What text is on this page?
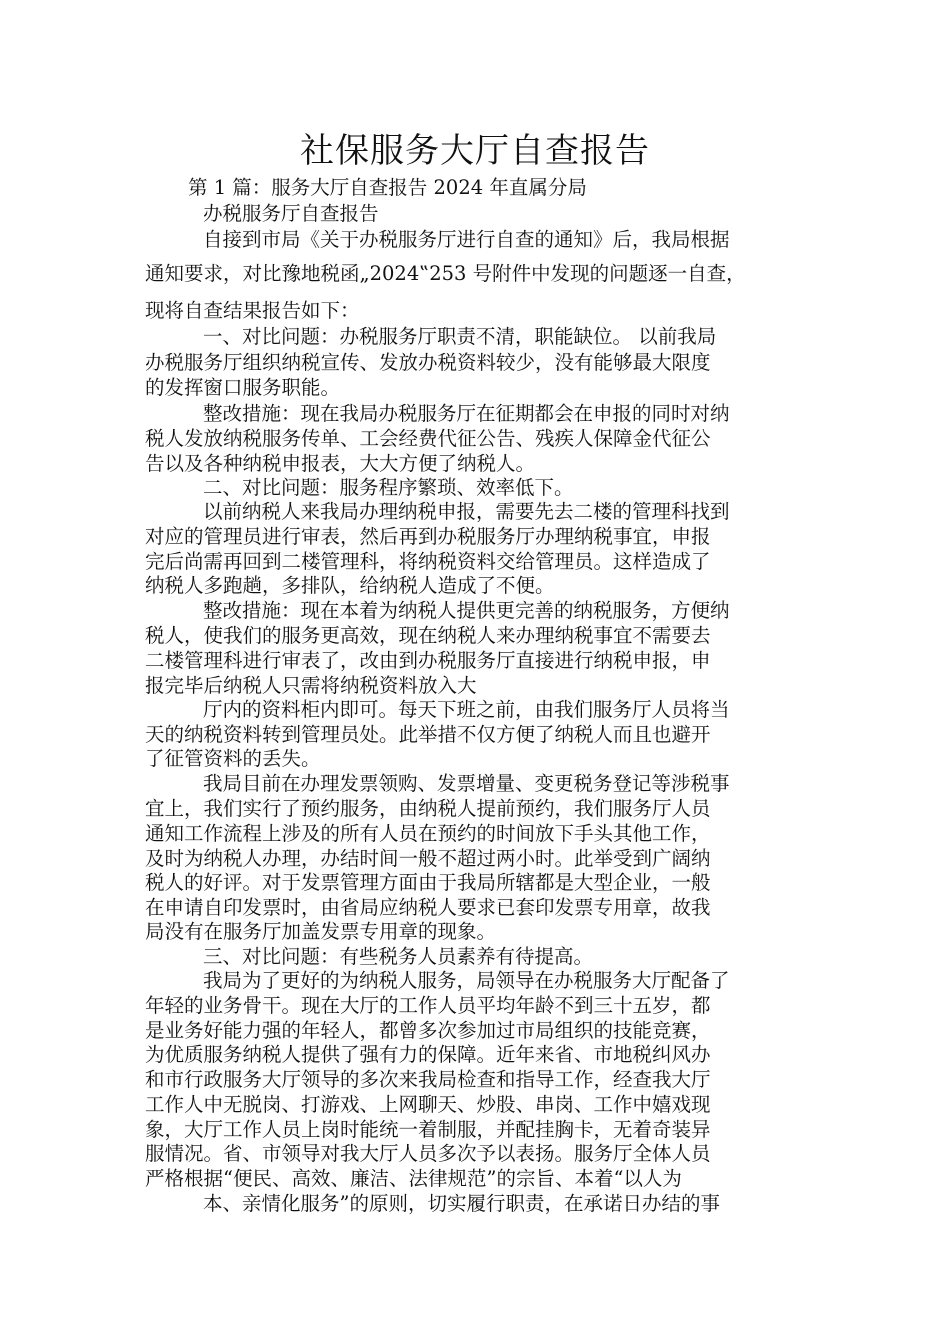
社保服务大厅自查报告
第 1 篇：服务大厅自查报告 2024 年直属分局
办税服务厅自查报告
自接到市局《关于办税服务厅进行自查的通知》后，我局根据
通知要求，对比豫地税函„2024‟253 号附件中发现的问题逐一自查，
现将自查结果报告如下：
一、对比问题：办税服务厅职责不清，职能缺位。 以前我局
办税服务厅组织纳税宣传、发放办税资料较少，没有能够最大限度
的发挥窗口服务职能。
整改措施：现在我局办税服务厅在征期都会在申报的同时对纳
税人发放纳税服务传单、工会经费代征公告、残疾人保障金代征公
告以及各种纳税申报表，大大方便了纳税人。
二、对比问题：服务程序繁琐、效率低下。
以前纳税人来我局办理纳税申报，需要先去二楼的管理科找到
对应的管理员进行审表，然后再到办税服务厅办理纳税事宜，申报
完后尚需再回到二楼管理科，将纳税资料交给管理员。这样造成了
纳税人多跑趟，多排队，给纳税人造成了不便。
整改措施：现在本着为纳税人提供更完善的纳税服务，方便纳
税人，使我们的服务更高效，现在纳税人来办理纳税事宜不需要去
二楼管理科进行审表了，改由到办税服务厅直接进行纳税申报，申
报完毕后纳税人只需将纳税资料放入大
厅内的资料柜内即可。每天下班之前，由我们服务厅人员将当
天的纳税资料转到管理员处。此举措不仅方便了纳税人而且也避开
了征管资料的丢失。
我局目前在办理发票领购、发票增量、变更税务登记等涉税事
宜上，我们实行了预约服务，由纳税人提前预约，我们服务厅人员
通知工作流程上涉及的所有人员在预约的时间放下手头其他工作，
及时为纳税人办理，办结时间一般不超过两小时。此举受到广阔纳
税人的好评。对于发票管理方面由于我局所辖都是大型企业，一般
在申请自印发票时，由省局应纳税人要求已套印发票专用章，故我
局没有在服务厅加盖发票专用章的现象。
三、对比问题：有些税务人员素养有待提高。
我局为了更好的为纳税人服务，局领导在办税服务大厅配备了
年轻的业务骨干。现在大厅的工作人员平均年龄不到三十五岁，都
是业务好能力强的年轻人，都曾多次参加过市局组织的技能竞赛，
为优质服务纳税人提供了强有力的保障。近年来省、市地税纠风办
和市行政服务大厅领导的多次来我局检查和指导工作，经查我大厅
工作人中无脱岗、打游戏、上网聊天、炒股、串岗、工作中嬉戏现
象，大厅工作人员上岗时能统一着制服，并配挂胸卡，无着奇装异
服情况。省、市领导对我大厅人员多次予以表扬。服务厅全体人员
严格根据“便民、高效、廉洁、法律规范”的宗旨、本着“以人为
本、亲情化服务”的原则，切实履行职责，在承诺日办结的事
